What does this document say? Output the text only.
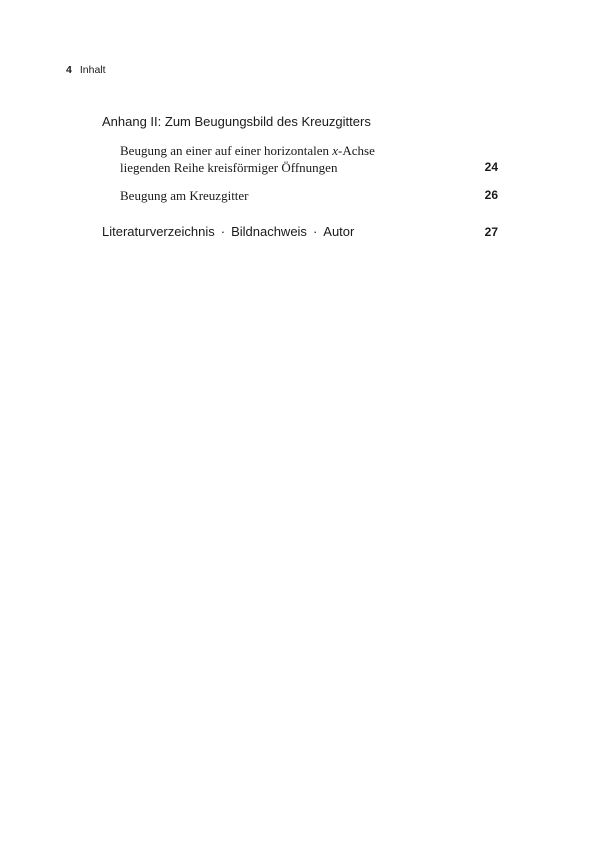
4 Inhalt
Anhang II: Zum Beugungsbild des Kreuzgitters
Beugung an einer auf einer horizontalen x-Achse
liegenden Reihe kreisförmiger Öffnungen	24
Beugung am Kreuzgitter	26
Literaturverzeichnis · Bildnachweis · Autor	27
